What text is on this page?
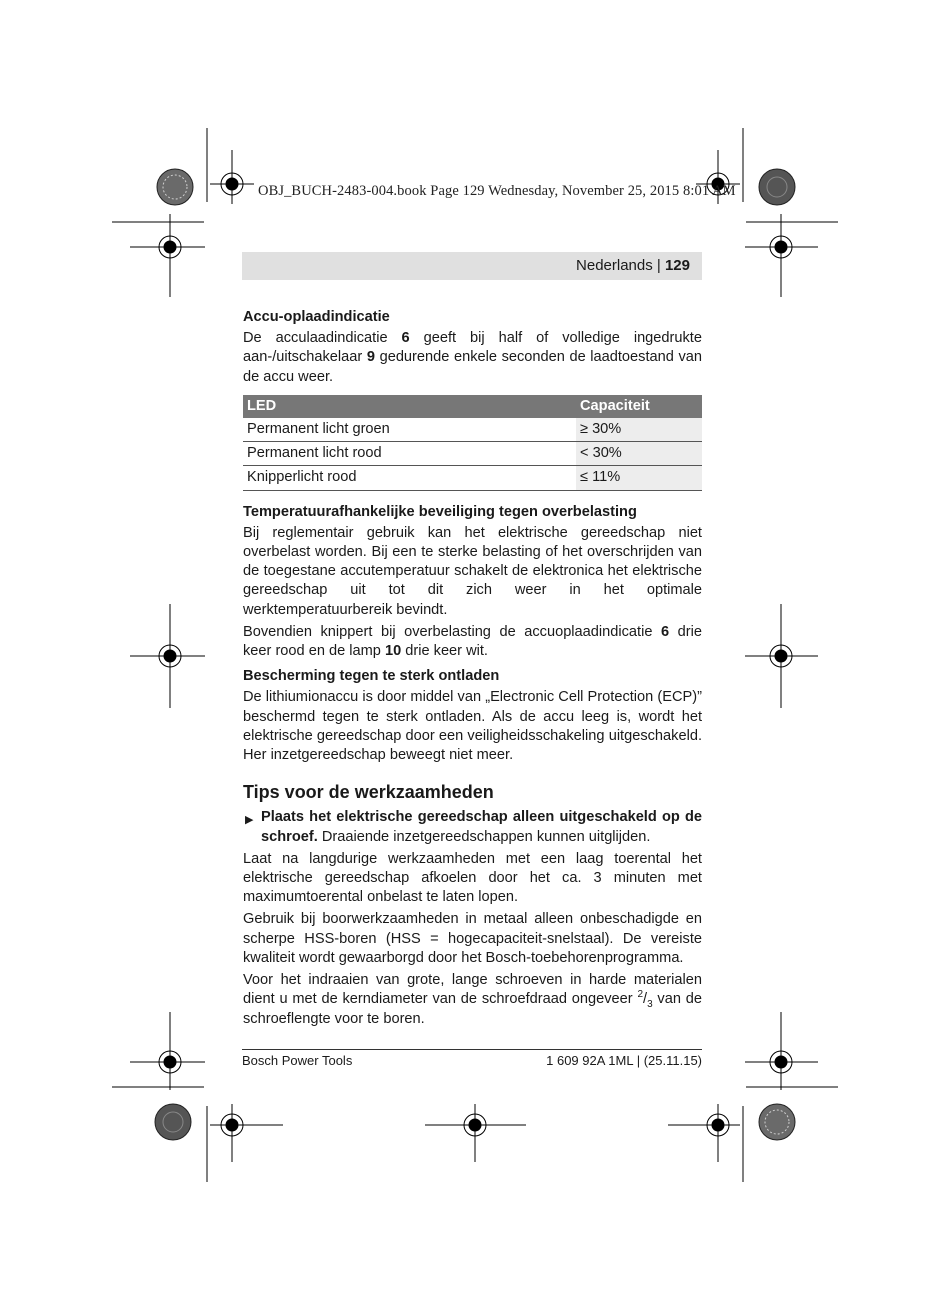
OBJ_BUCH-2483-004.book Page 129 Wednesday, November 25, 2015 8:01 AM
Nederlands | 129
Accu-oplaadindicatie

De acculaadindicatie 6 geeft bij half of volledige ingedrukte aan-/uitschakelaar 9 gedurende enkele seconden de laadtoestand van de accu weer.

LED	Capaciteit
Permanent licht groen	≥ 30%
Permanent licht rood	< 30%
Knipperlicht rood	≤ 11%
Temperatuurafhankelijke beveiliging tegen overbelasting

Bij reglementair gebruik kan het elektrische gereedschap niet overbelast worden. Bij een te sterke belasting of het overschrijden van de toegestane accutemperatuur schakelt de elektronica het elektrische gereedschap uit tot dit zich weer in het optimale werktemperatuurbereik bevindt.

Bovendien knippert bij overbelasting de accuoplaadindicatie 6 drie keer rood en de lamp 10 drie keer wit.

Bescherming tegen te sterk ontladen

De lithiumionaccu is door middel van „Electronic Cell Protection (ECP)” beschermd tegen te sterk ontladen. Als de accu leeg is, wordt het elektrische gereedschap door een veiligheidsschakeling uitgeschakeld. Her inzetgereedschap beweegt niet meer.

Tips voor de werkzaamheden
▶ Plaats het elektrische gereedschap alleen uitgeschakeld op de schroef. Draaiende inzetgereedschappen kunnen uitglijden.

Laat na langdurige werkzaamheden met een laag toerental het elektrische gereedschap afkoelen door het ca. 3 minuten met maximumtoerental onbelast te laten lopen.

Gebruik bij boorwerkzaamheden in metaal alleen onbeschadigde en scherpe HSS-boren (HSS = hogecapaciteit-snelstaal). De vereiste kwaliteit wordt gewaarborgd door het Bosch-toebehorenprogramma.

Voor het indraaien van grote, lange schroeven in harde materialen dient u met de kerndiameter van de schroefdraad ongeveer $^2/_3$ van de schroeflengte voor te boren.

Bosch Power Tools	1 609 92A 1ML | (25.11.15)
